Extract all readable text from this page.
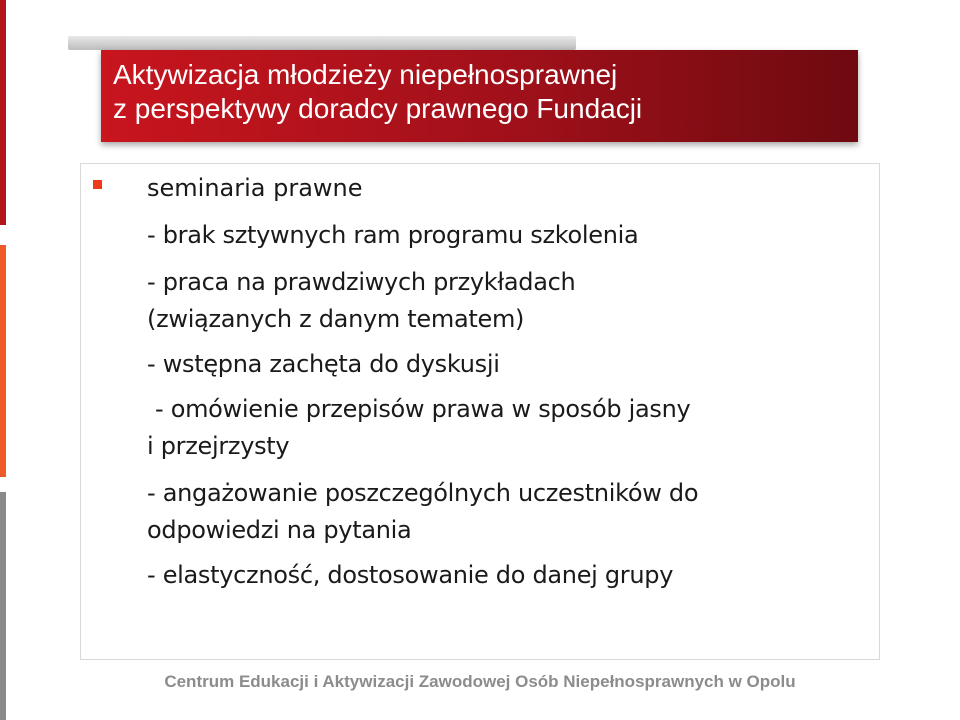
Aktywizacja młodzieży niepełnosprawnej
z perspektywy doradcy prawnego Fundacji
seminaria prawne
- brak sztywnych ram programu szkolenia
- praca na prawdziwych przykładach
(związanych z danym tematem)
- wstępna zachęta do dyskusji
- omówienie przepisów prawa w sposób jasny
i przejrzysty
- angażowanie poszczególnych uczestników do
odpowiedzi na pytania
- elastyczność, dostosowanie do danej grupy
Centrum Edukacji i Aktywizacji Zawodowej Osób Niepełnosprawnych w Opolu
